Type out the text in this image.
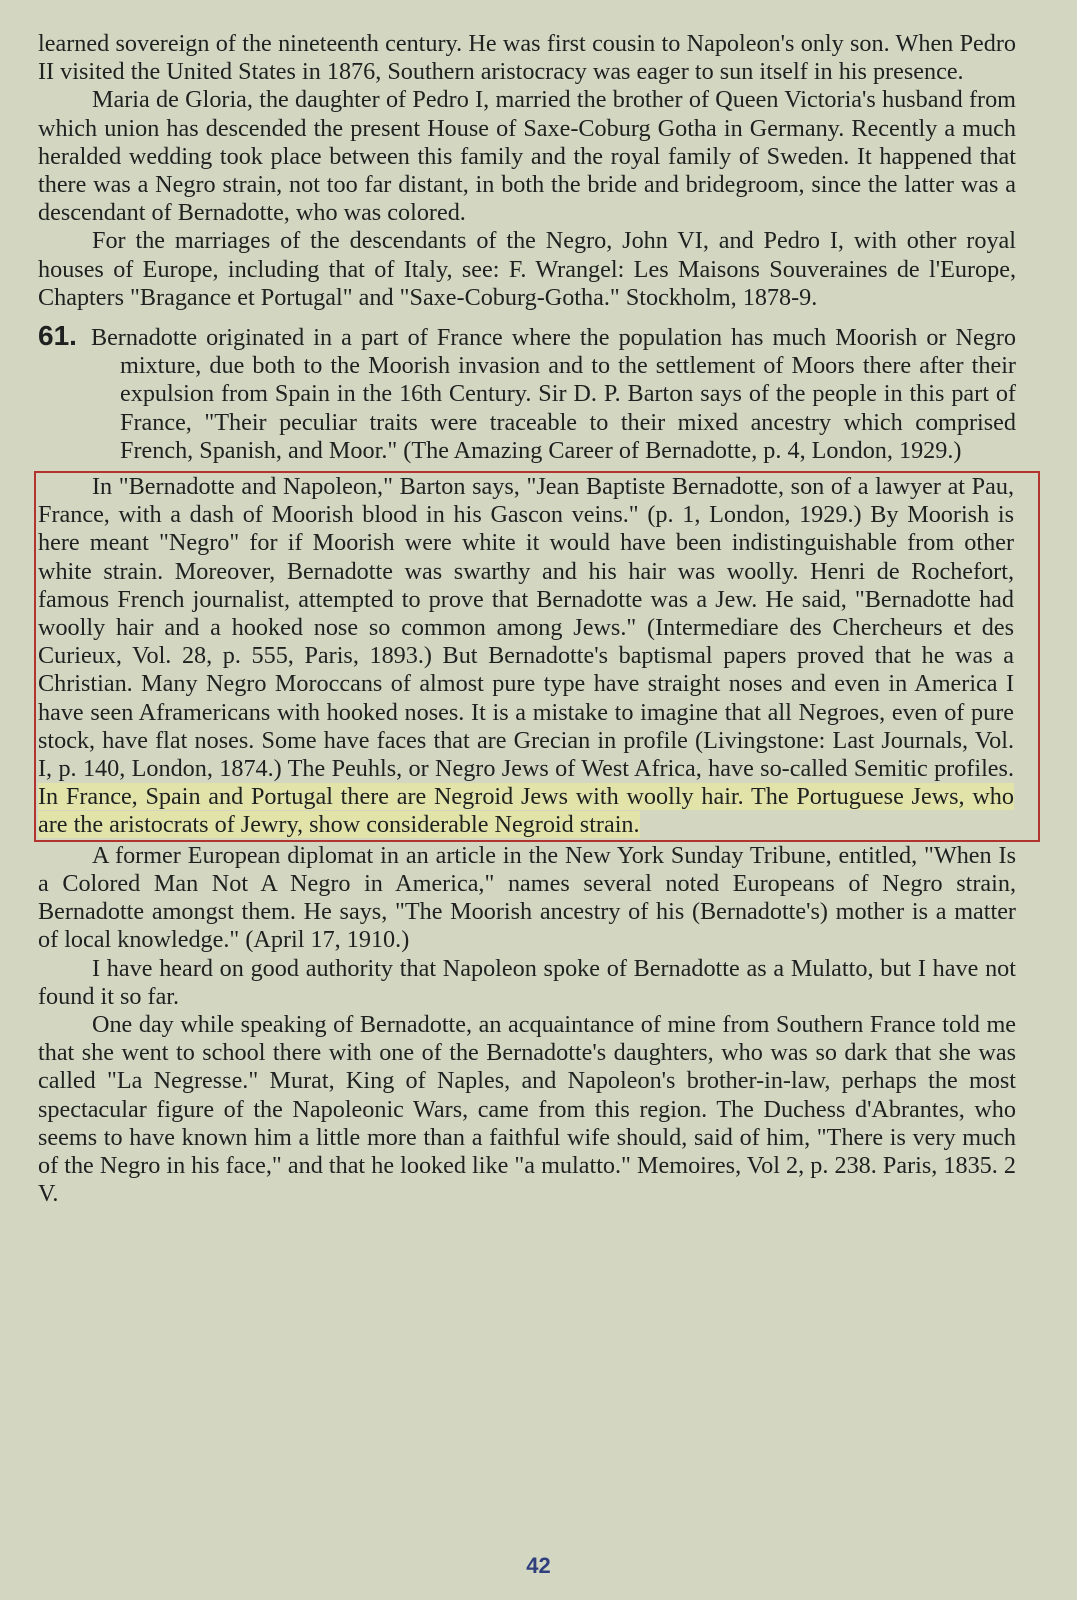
learned sovereign of the nineteenth century. He was first cousin to Napoleon's only son. When Pedro II visited the United States in 1876, Southern aristocracy was eager to sun itself in his presence.

Maria de Gloria, the daughter of Pedro I, married the brother of Queen Victoria's husband from which union has descended the present House of Saxe-Coburg Gotha in Germany. Recently a much heralded wedding took place between this family and the royal family of Sweden. It happened that there was a Negro strain, not too far distant, in both the bride and bridegroom, since the latter was a descendant of Bernadotte, who was colored.

For the marriages of the descendants of the Negro, John VI, and Pedro I, with other royal houses of Europe, including that of Italy, see: F. Wrangel: Les Maisons Souveraines de l'Europe, Chapters "Bragance et Portugal" and "Saxe-Coburg-Gotha." Stockholm, 1878-9.

61. Bernadotte originated in a part of France where the population has much Moorish or Negro mixture, due both to the Moorish invasion and to the settlement of Moors there after their expulsion from Spain in the 16th Century. Sir D. P. Barton says of the people in this part of France, "Their peculiar traits were traceable to their mixed ancestry which comprised French, Spanish, and Moor." (The Amazing Career of Bernadotte, p. 4, London, 1929.)

In "Bernadotte and Napoleon," Barton says, "Jean Baptiste Bernadotte, son of a lawyer at Pau, France, with a dash of Moorish blood in his Gascon veins." (p. 1, London, 1929.) By Moorish is here meant "Negro" for if Moorish were white it would have been indistinguishable from other white strain. Moreover, Bernadotte was swarthy and his hair was woolly. Henri de Rochefort, famous French journalist, attempted to prove that Bernadotte was a Jew. He said, "Bernadotte had woolly hair and a hooked nose so common among Jews." (Intermediare des Chercheurs et des Curieux, Vol. 28, p. 555, Paris, 1893.) But Bernadotte's baptismal papers proved that he was a Christian. Many Negro Moroccans of almost pure type have straight noses and even in America I have seen Aframericans with hooked noses. It is a mistake to imagine that all Negroes, even of pure stock, have flat noses. Some have faces that are Grecian in profile (Livingstone: Last Journals, Vol. I, p. 140, London, 1874.) The Peuhls, or Negro Jews of West Africa, have so-called Semitic profiles. In France, Spain and Portugal there are Negroid Jews with woolly hair. The Portuguese Jews, who are the aristocrats of Jewry, show considerable Negroid strain.

A former European diplomat in an article in the New York Sunday Tribune, entitled, "When Is a Colored Man Not A Negro in America," names several noted Europeans of Negro strain, Bernadotte amongst them. He says, "The Moorish ancestry of his (Bernadotte's) mother is a matter of local knowledge." (April 17, 1910.)

I have heard on good authority that Napoleon spoke of Bernadotte as a Mulatto, but I have not found it so far.

One day while speaking of Bernadotte, an acquaintance of mine from Southern France told me that she went to school there with one of the Bernadotte's daughters, who was so dark that she was called "La Negresse." Murat, King of Naples, and Napoleon's brother-in-law, perhaps the most spectacular figure of the Napoleonic Wars, came from this region. The Duchess d'Abrantes, who seems to have known him a little more than a faithful wife should, said of him, "There is very much of the Negro in his face," and that he looked like "a mulatto." Memoires, Vol 2, p. 238. Paris, 1835. 2 V.

42
